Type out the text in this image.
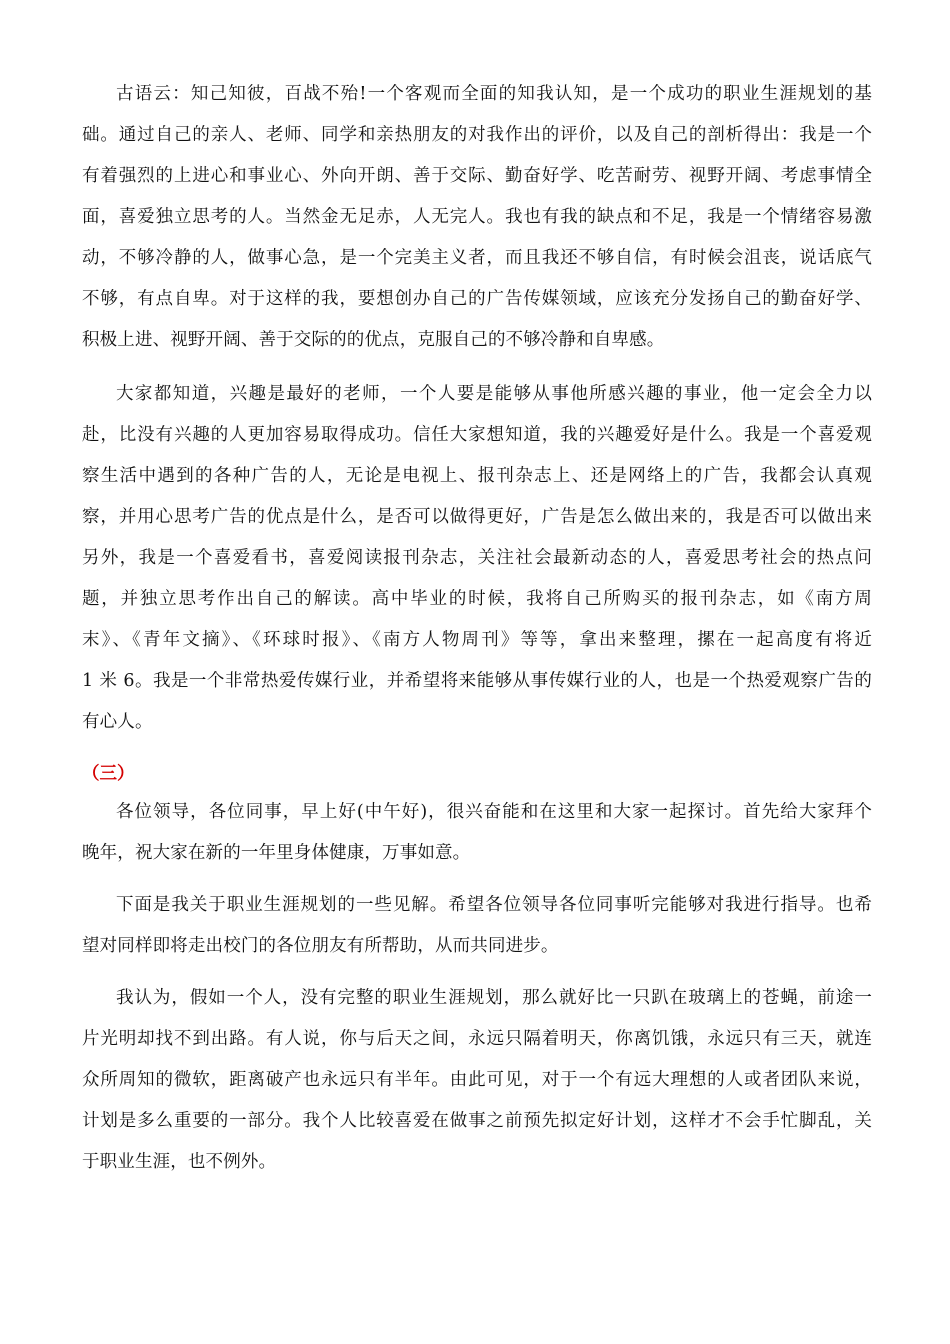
古语云：知己知彼，百战不殆!一个客观而全面的知我认知，是一个成功的职业生涯规划的基
础。通过自己的亲人、老师、同学和亲热朋友的对我作出的评价，以及自己的剖析得出：我是一个
有着强烈的上进心和事业心、外向开朗、善于交际、勤奋好学、吃苦耐劳、视野开阔、考虑事情全
面，喜爱独立思考的人。当然金无足赤，人无完人。我也有我的缺点和不足，我是一个情绪容易激
动，不够冷静的人，做事心急，是一个完美主义者，而且我还不够自信，有时候会沮丧，说话底气
不够，有点自卑。对于这样的我，要想创办自己的广告传媒领域，应该充分发扬自己的勤奋好学、
积极上进、视野开阔、善于交际的的优点，克服自己的不够冷静和自卑感。
大家都知道，兴趣是最好的老师，一个人要是能够从事他所感兴趣的事业，他一定会全力以
赴，比没有兴趣的人更加容易取得成功。信任大家想知道，我的兴趣爱好是什么。我是一个喜爱观
察生活中遇到的各种广告的人，无论是电视上、报刊杂志上、还是网络上的广告，我都会认真观
察，并用心思考广告的优点是什么，是否可以做得更好，广告是怎么做出来的，我是否可以做出来
另外，我是一个喜爱看书，喜爱阅读报刊杂志，关注社会最新动态的人，喜爱思考社会的热点问
题，并独立思考作出自己的解读。高中毕业的时候，我将自己所购买的报刊杂志，如《南方周
末》、《青年文摘》、《环球时报》、《南方人物周刊》等等，拿出来整理，摞在一起高度有将近
1 米 6。我是一个非常热爱传媒行业，并希望将来能够从事传媒行业的人，也是一个热爱观察广告的
有心人。
（三）
各位领导，各位同事，早上好(中午好)，很兴奋能和在这里和大家一起探讨。首先给大家拜个
晚年，祝大家在新的一年里身体健康，万事如意。
下面是我关于职业生涯规划的一些见解。希望各位领导各位同事听完能够对我进行指导。也希
望对同样即将走出校门的各位朋友有所帮助，从而共同进步。
我认为，假如一个人，没有完整的职业生涯规划，那么就好比一只趴在玻璃上的苍蝇，前途一
片光明却找不到出路。有人说，你与后天之间，永远只隔着明天，你离饥饿，永远只有三天，就连
众所周知的微软，距离破产也永远只有半年。由此可见，对于一个有远大理想的人或者团队来说，
计划是多么重要的一部分。我个人比较喜爱在做事之前预先拟定好计划，这样才不会手忙脚乱，关
于职业生涯，也不例外。
